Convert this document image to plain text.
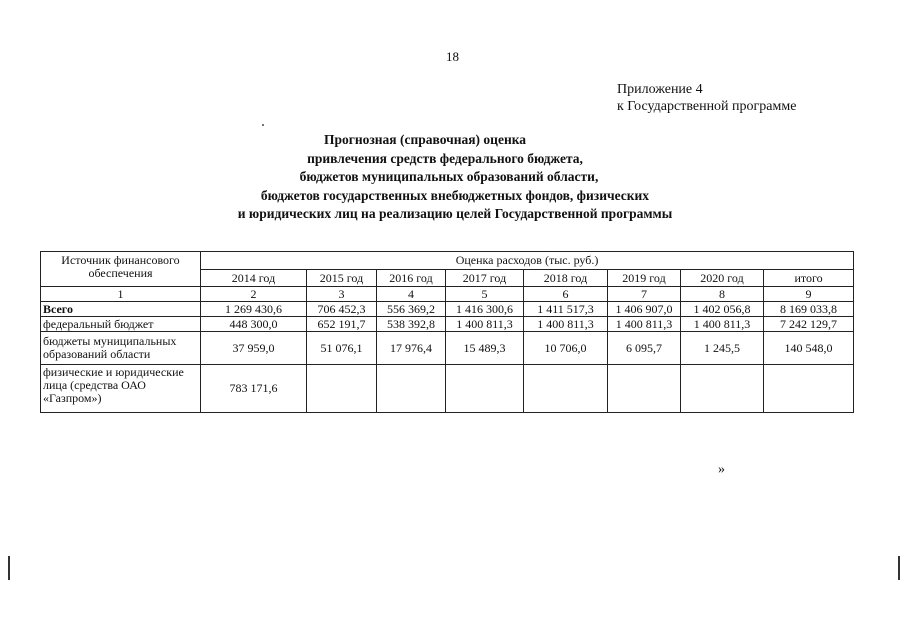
18
Приложение 4
к Государственной программе
Прогнозная (справочная) оценка
привлечения средств федерального бюджета,
бюджетов муниципальных образований области,
бюджетов государственных внебюджетных фондов, физических
и юридических лиц на реализацию целей Государственной программы
Источник финансового обеспечения	Оценка расходов (тыс. руб.)							
	2014 год	2015 год	2016 год	2017 год	2018 год	2019 год	2020 год	итого
1	2	3	4	5	6	7	8	9
Всего	1 269 430,6	706 452,3	556 369,2	1 416 300,6	1 411 517,3	1 406 907,0	1 402 056,8	8 169 033,8
федеральный бюджет	448 300,0	652 191,7	538 392,8	1 400 811,3	1 400 811,3	1 400 811,3	1 400 811,3	7 242 129,7
бюджеты муниципальных образований области	37 959,0	51 076,1	17 976,4	15 489,3	10 706,0	6 095,7	1 245,5	140 548,0
физические и юридические лица (средства ОАО «Газпром»)	783 171,6							
»
